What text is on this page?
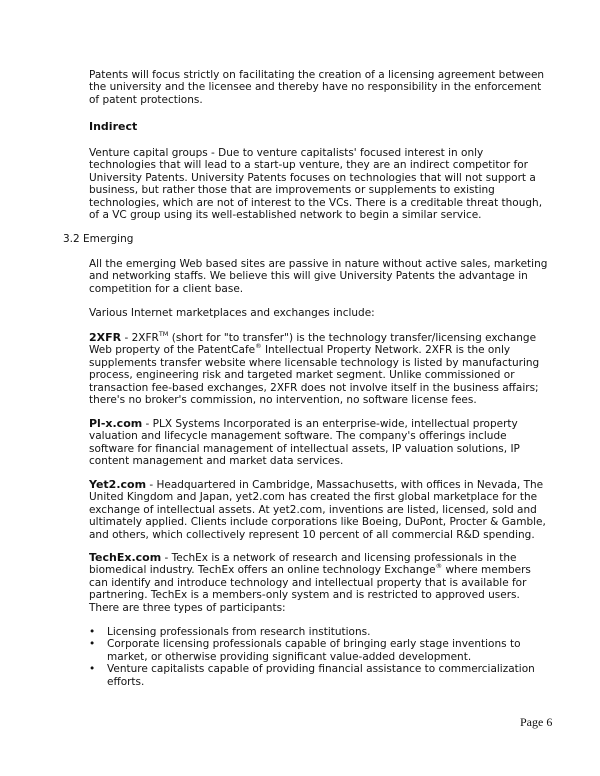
Patents will focus strictly on facilitating the creation of a licensing agreement between the university and the licensee and thereby have no responsibility in the enforcement of patent protections.

Indirect

Venture capital groups - Due to venture capitalists' focused interest in only technologies that will lead to a start-up venture, they are an indirect competitor for University Patents. University Patents focuses on technologies that will not support a business, but rather those that are improvements or supplements to existing technologies, which are not of interest to the VCs. There is a creditable threat though, of a VC group using its well-established network to begin a similar service.

3.2 Emerging

All the emerging Web based sites are passive in nature without active sales, marketing and networking staffs. We believe this will give University Patents the advantage in competition for a client base.

Various Internet marketplaces and exchanges include:

2XFR - 2XFR™ (short for "to transfer") is the technology transfer/licensing exchange Web property of the PatentCafe® Intellectual Property Network. 2XFR is the only supplements transfer website where licensable technology is listed by manufacturing process, engineering risk and targeted market segment. Unlike commissioned or transaction fee-based exchanges, 2XFR does not involve itself in the business affairs; there's no broker's commission, no intervention, no software license fees.

Pl-x.com - PLX Systems Incorporated is an enterprise-wide, intellectual property valuation and lifecycle management software. The company's offerings include software for financial management of intellectual assets, IP valuation solutions, IP content management and market data services.

Yet2.com - Headquartered in Cambridge, Massachusetts, with offices in Nevada, The United Kingdom and Japan, yet2.com has created the first global marketplace for the exchange of intellectual assets. At yet2.com, inventions are listed, licensed, sold and ultimately applied. Clients include corporations like Boeing, DuPont, Procter & Gamble, and others, which collectively represent 10 percent of all commercial R&D spending.

TechEx.com - TechEx is a network of research and licensing professionals in the biomedical industry. TechEx offers an online technology Exchange® where members can identify and introduce technology and intellectual property that is available for partnering. TechEx is a members-only system and is restricted to approved users. There are three types of participants:

• Licensing professionals from research institutions.
• Corporate licensing professionals capable of bringing early stage inventions to market, or otherwise providing significant value-added development.
• Venture capitalists capable of providing financial assistance to commercialization efforts.
Page 6
